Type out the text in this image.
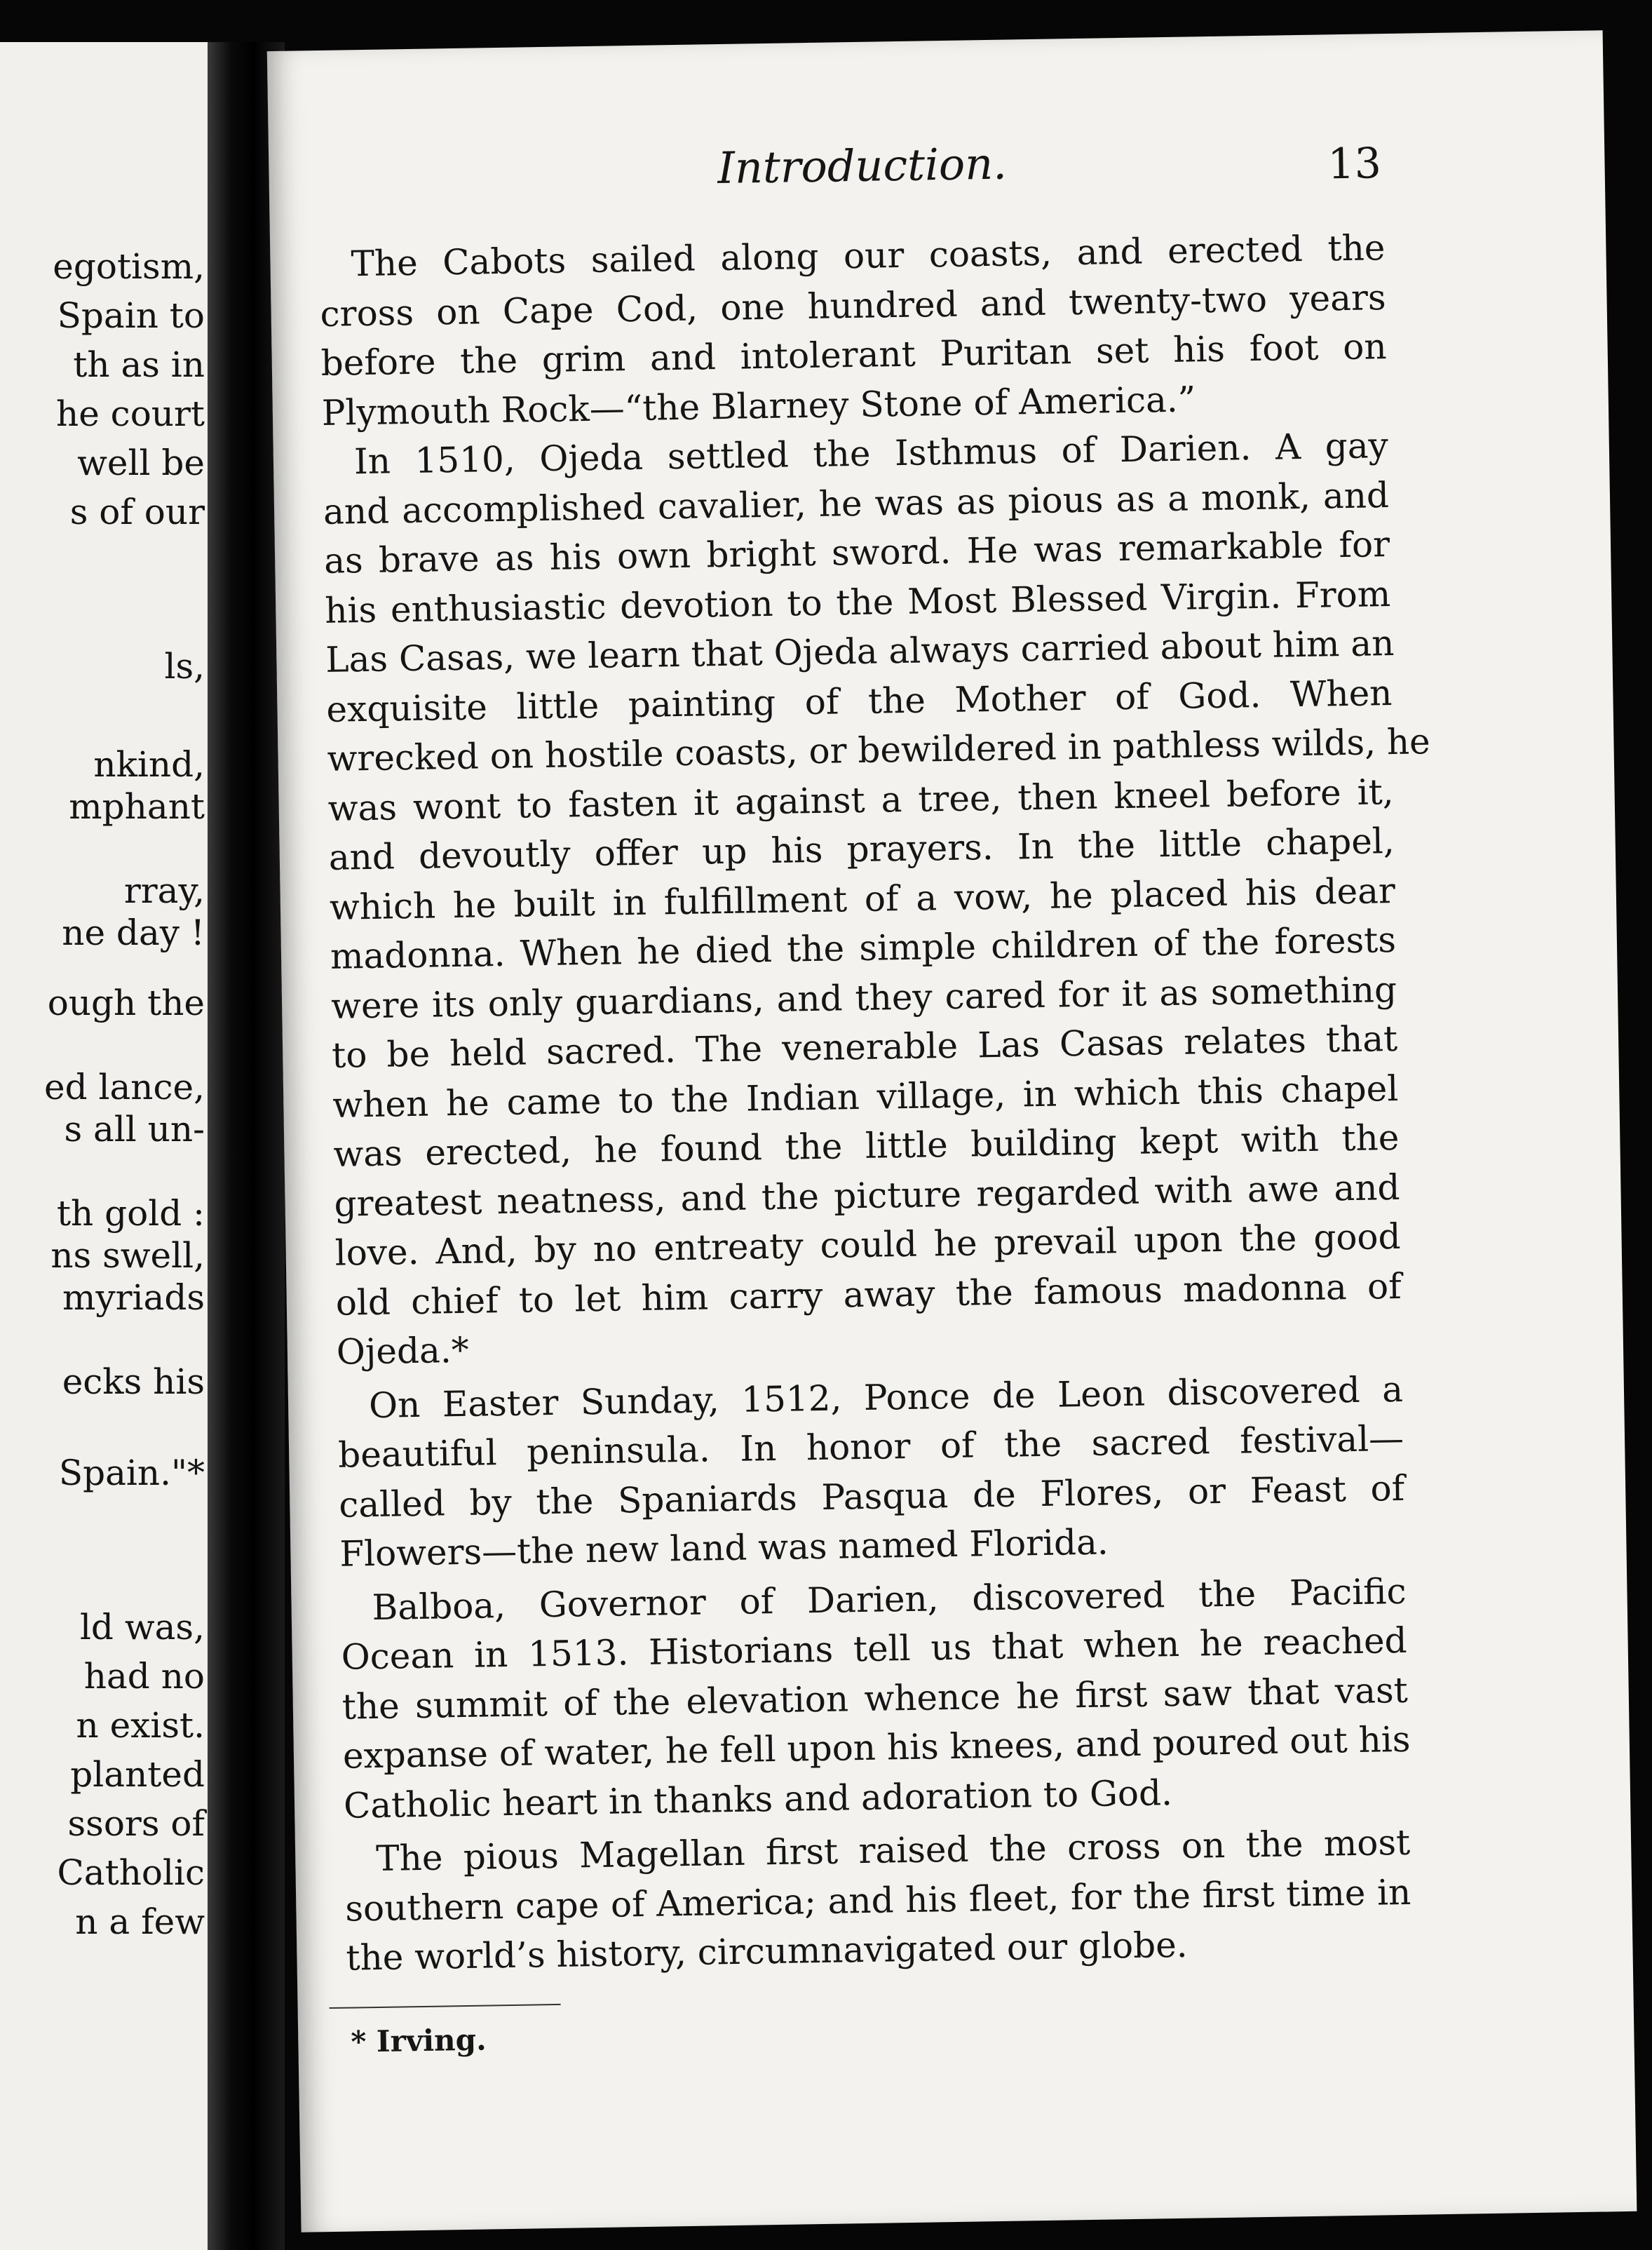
egotism,

Spain to

th as in

he court

well be

s of our

ls,

nkind,

mphant

rray,

ne day !

ough the

ed lance,

s all un-

th gold :

ns swell,

myriads

ecks his

Spain."*

ld was,

had no

n exist.

planted

ssors of

Catholic

n a few

Introduction.	13

The Cabots sailed along our coasts, and erected the

cross on Cape Cod, one hundred and twenty-two years

before the grim and intolerant Puritan set his foot on

Plymouth Rock—“the Blarney Stone of America.”

In 1510, Ojeda settled the Isthmus of Darien. A gay

and accomplished cavalier, he was as pious as a monk, and

as brave as his own bright sword. He was remarkable for

his enthusiastic devotion to the Most Blessed Virgin. From

Las Casas, we learn that Ojeda always carried about him an

exquisite little painting of the Mother of God. When

wrecked on hostile coasts, or bewildered in pathless wilds, he

was wont to fasten it against a tree, then kneel before it,

and devoutly offer up his prayers. In the little chapel,

which he built in fulfillment of a vow, he placed his dear

madonna. When he died the simple children of the forests

were its only guardians, and they cared for it as something

to be held sacred. The venerable Las Casas relates that

when he came to the Indian village, in which this chapel

was erected, he found the little building kept with the

greatest neatness, and the picture regarded with awe and

love. And, by no entreaty could he prevail upon the good

old chief to let him carry away the famous madonna of

Ojeda.*

On Easter Sunday, 1512, Ponce de Leon discovered a

beautiful peninsula. In honor of the sacred festival—

called by the Spaniards Pasqua de Flores, or Feast of

Flowers—the new land was named Florida.

Balboa, Governor of Darien, discovered the Pacific

Ocean in 1513. Historians tell us that when he reached

the summit of the elevation whence he first saw that vast

expanse of water, he fell upon his knees, and poured out his

Catholic heart in thanks and adoration to God.

The pious Magellan first raised the cross on the most

southern cape of America; and his fleet, for the first time in

the world’s history, circumnavigated our globe.

* Irving.
